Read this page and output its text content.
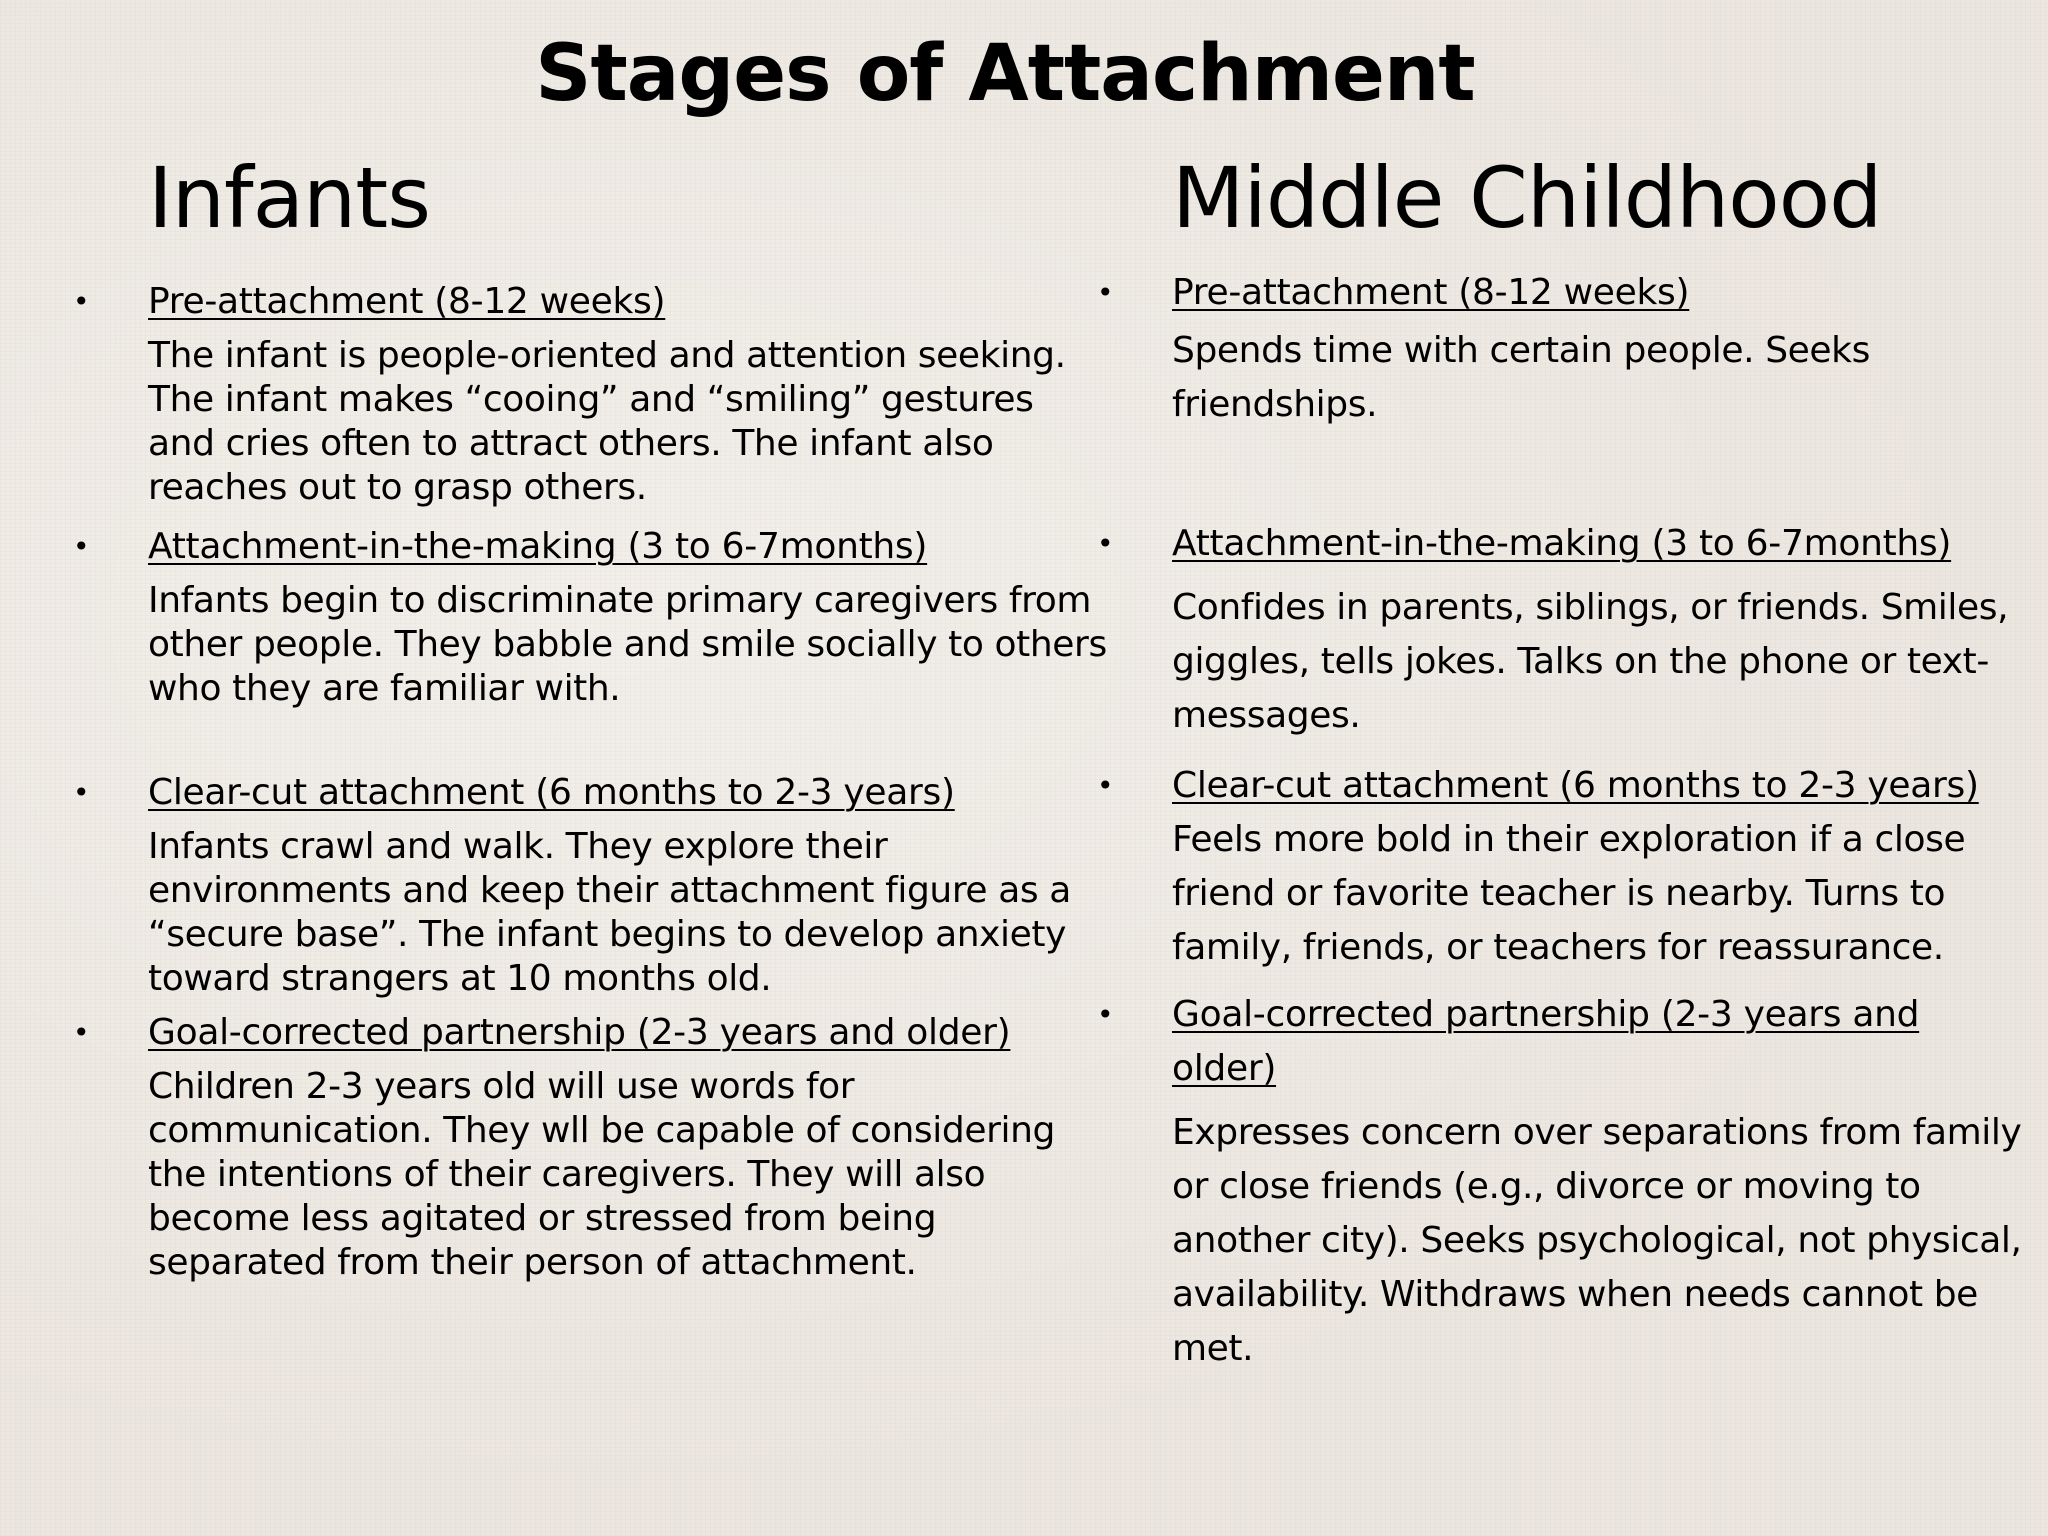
Stages of Attachment
Infants	Middle Childhood
• Pre-attachment (8-12 weeks)
The infant is people-oriented and attention seeking. The infant makes “cooing” and “smiling” gestures and cries often to attract others. The infant also reaches out to grasp others.
• Attachment-in-the-making (3 to 6-7months)
Infants begin to discriminate primary caregivers from other people. They babble and smile socially to others who they are familiar with.
• Clear-cut attachment (6 months to 2-3 years)
Infants crawl and walk. They explore their environments and keep their attachment figure as a “secure base”. The infant begins to develop anxiety toward strangers at 10 months old.
• Goal-corrected partnership (2-3 years and older)
Children 2-3 years old will use words for communication. They wll be capable of considering the intentions of their caregivers. They will also become less agitated or stressed from being separated from their person of attachment.
• Pre-attachment (8-12 weeks)
Spends time with certain people. Seeks friendships.
• Attachment-in-the-making (3 to 6-7months)
Confides in parents, siblings, or friends. Smiles, giggles, tells jokes. Talks on the phone or text-messages.
• Clear-cut attachment (6 months to 2-3 years)
Feels more bold in their exploration if a close friend or favorite teacher is nearby. Turns to family, friends, or teachers for reassurance.
• Goal-corrected partnership (2-3 years and older)
Expresses concern over separations from family or close friends (e.g., divorce or moving to another city). Seeks psychological, not physical, availability. Withdraws when needs cannot be met.
